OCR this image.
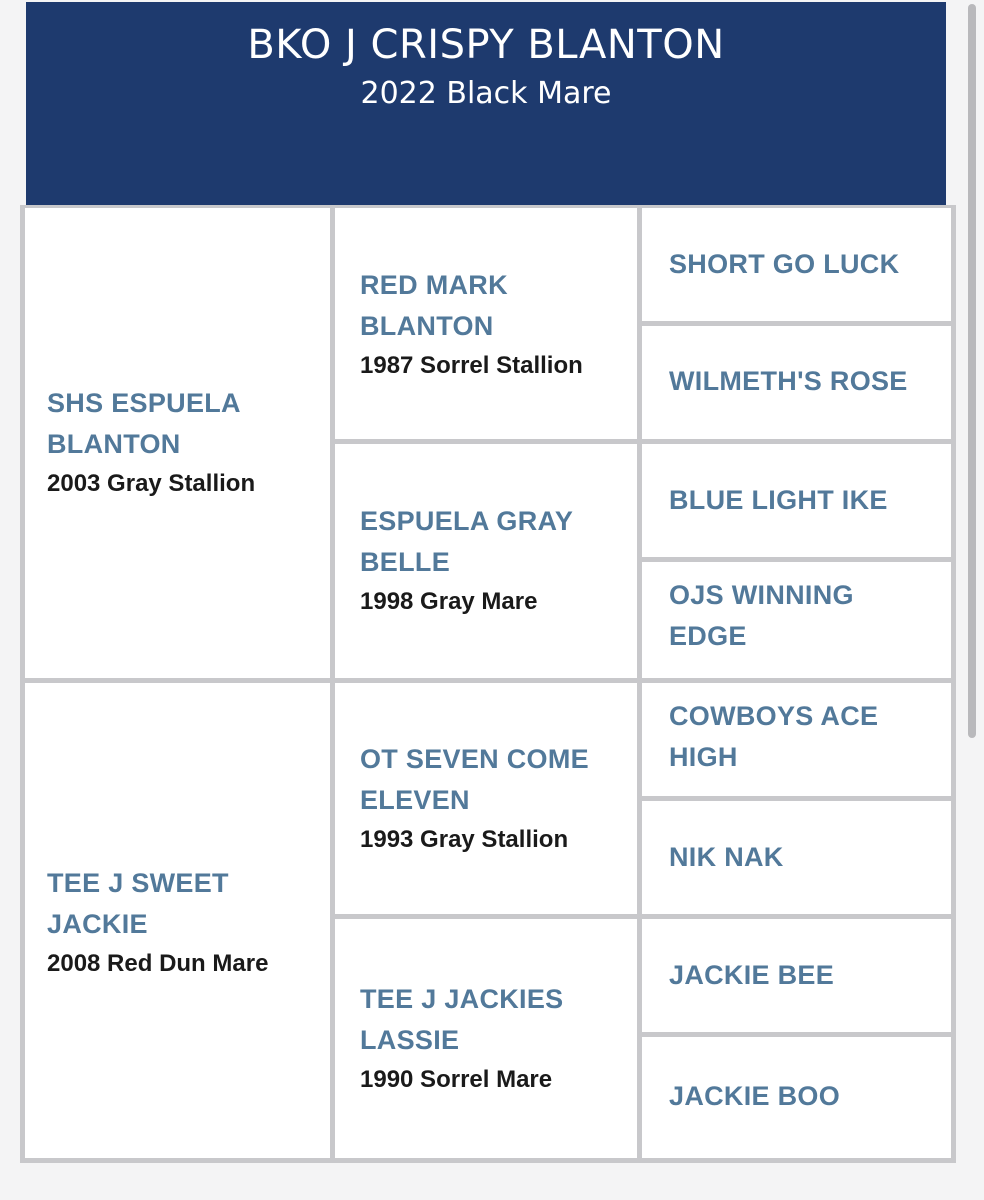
BKO J CRISPY BLANTON
2022 Black Mare
SHS ESPUELA
BLANTON
2003 Gray Stallion
TEE J SWEET
JACKIE
2008 Red Dun Mare
RED MARK
BLANTON
1987 Sorrel Stallion
ESPUELA GRAY
BELLE
1998 Gray Mare
OT SEVEN COME
ELEVEN
1993 Gray Stallion
TEE J JACKIES
LASSIE
1990 Sorrel Mare
SHORT GO LUCK
WILMETH'S ROSE
BLUE LIGHT IKE
OJS WINNING
EDGE
COWBOYS ACE
HIGH
NIK NAK
JACKIE BEE
JACKIE BOO
